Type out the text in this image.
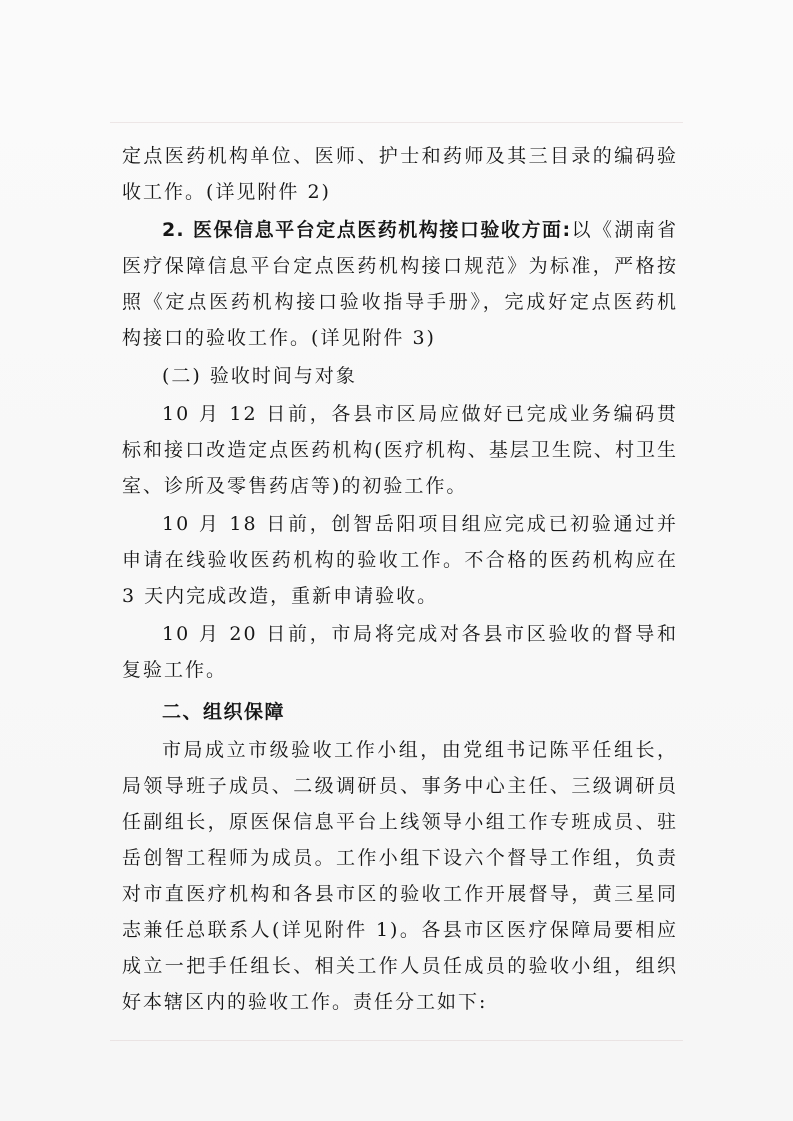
定点医药机构单位、医师、护士和药师及其三目录的编码验收工作。(详见附件 2)

2. 医保信息平台定点医药机构接口验收方面:以《湖南省医疗保障信息平台定点医药机构接口规范》为标准，严格按照《定点医药机构接口验收指导手册》，完成好定点医药机构接口的验收工作。(详见附件 3)

(二) 验收时间与对象

10 月 12 日前，各县市区局应做好已完成业务编码贯标和接口改造定点医药机构(医疗机构、基层卫生院、村卫生室、诊所及零售药店等)的初验工作。

10 月 18 日前，创智岳阳项目组应完成已初验通过并申请在线验收医药机构的验收工作。不合格的医药机构应在 3 天内完成改造，重新申请验收。

10 月 20 日前，市局将完成对各县市区验收的督导和复验工作。

二、组织保障

市局成立市级验收工作小组，由党组书记陈平任组长，局领导班子成员、二级调研员、事务中心主任、三级调研员任副组长，原医保信息平台上线领导小组工作专班成员、驻岳创智工程师为成员。工作小组下设六个督导工作组，负责对市直医疗机构和各县市区的验收工作开展督导，黄三星同志兼任总联系人(详见附件 1)。各县市区医疗保障局要相应成立一把手任组长、相关工作人员任成员的验收小组，组织好本辖区内的验收工作。责任分工如下:
